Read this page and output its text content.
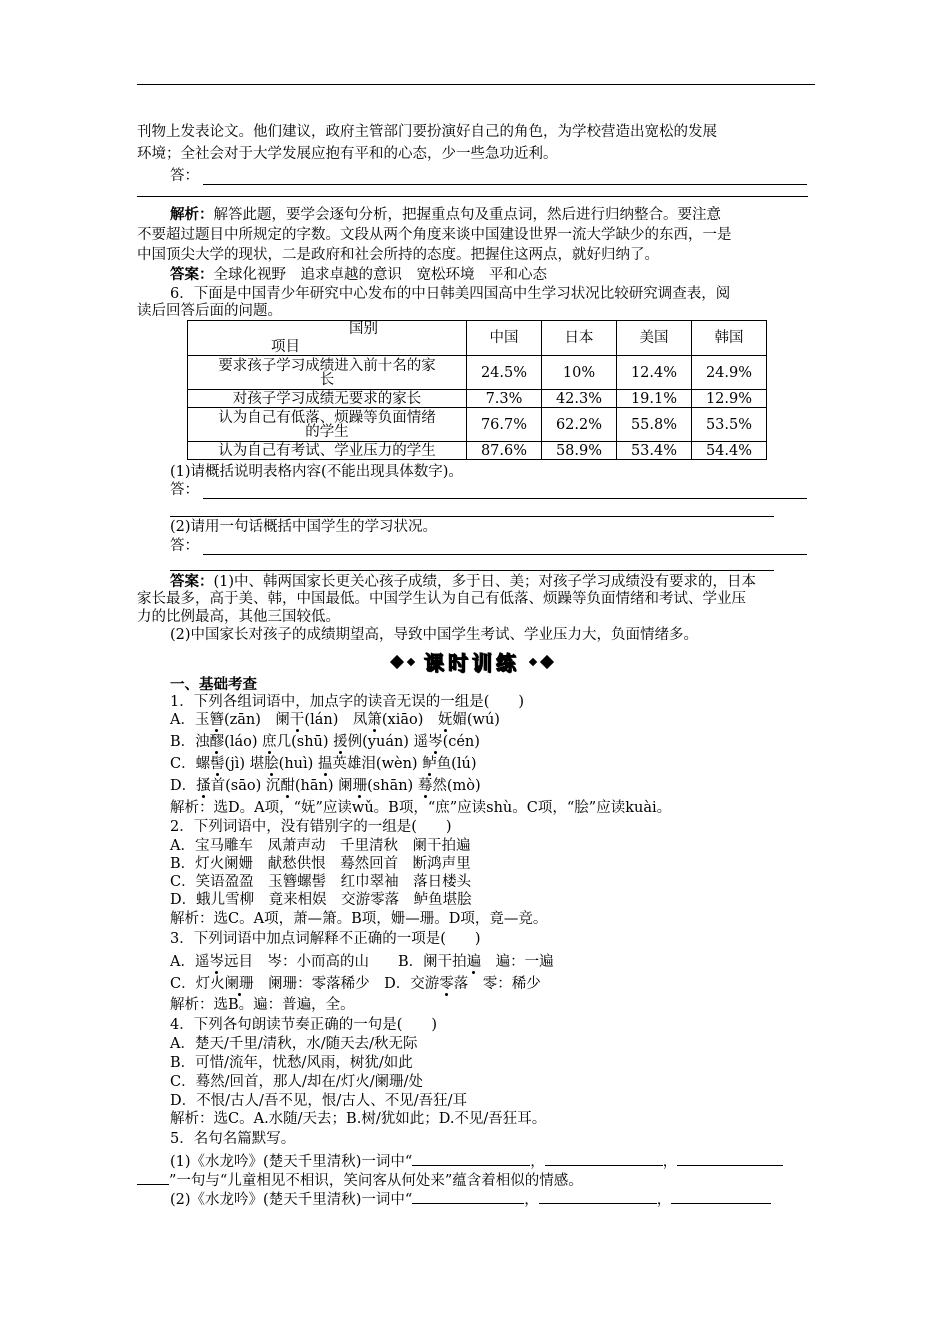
刊物上发表论文。他们建议，政府主管部门要扮演好自己的角色，为学校营造出宽松的发展
环境；全社会对于大学发展应抱有平和的心态，少一些急功近利。
答：
解析：解答此题，要学会逐句分析，把握重点句及重点词，然后进行归纳整合。要注意
不要超过题目中所规定的字数。文段从两个角度来谈中国建设世界一流大学缺少的东西，一是
中国顶尖大学的现状，二是政府和社会所持的态度。把握住这两点，就好归纳了。
答案：全球化视野　追求卓越的意识　宽松环境　平和心态
6．下面是中国青少年研究中心发布的中日韩美四国高中生学习状况比较研究调查表，阅
读后回答后面的问题。
国别
项目	中国	日本	美国	韩国

要求孩子学习成绩进入前十名的家
长	24.5%	10%	12.4%	24.9%
对孩子学习成绩无要求的家长	7.3%	42.3%	19.1%	12.9%

认为自己有低落、烦躁等负面情绪
的学生	76.7%	62.2%	55.8%	53.5%
认为自己有考试、学业压力的学生	87.6%	58.9%	53.4%	54.4%
(1)请概括说明表格内容(不能出现具体数字)。
答：
(2)请用一句话概括中国学生的学习状况。
答：
答案：(1)中、韩两国家长更关心孩子成绩，多于日、美；对孩子学习成绩没有要求的，日本
家长最多，高于美、韩，中国最低。中国学生认为自己有低落、烦躁等负面情绪和考试、学业压
力的比例最高，其他三国较低。
(2)中国家长对孩子的成绩期望高，导致中国学生考试、学业压力大，负面情绪多。
课时训练
一、基础考查
1．下列各组词语中，加点字的读音无误的一组是(　　)
A．玉簪(zān)　阑干(lán)　凤箫(xiāo)　妩媚(wú)
B．浊醪(láo) 庶几(shū) 援例(yuán) 遥岑(cén)
C．螺髻(jì) 堪脍(huì) 揾英雄泪(wèn) 鲈鱼(lú)
D．搔首(sāo) 沉酣(hān) 阑珊(shān) 蓦然(mò)
解析：选D。A项，“妩”应读wǔ。B项，“庶”应读shù。C项，“脍”应读kuài。
2．下列词语中，没有错别字的一组是(　　)
A．宝马雕车　凤萧声动　千里清秋　阑干拍遍
B．灯火阑姗　献愁供恨　蓦然回首　断鸿声里
C．笑语盈盈　玉簪螺髻　红巾翠袖　落日楼头
D．蛾儿雪柳　竟来相娱　交游零落　鲈鱼堪脍
解析：选C。A项，萧—箫。B项，姗—珊。D项，竟—竞。
3．下列词语中加点词解释不正确的一项是(　　)
A．遥岑远目　岑：小而高的山　　B．阑干拍遍　遍：一遍
C．灯火阑珊　阑珊：零落稀少　D．交游零落　零：稀少
解析：选B。遍：普遍，全。
4．下列各句朗读节奏正确的一句是(　　)
A．楚天/千里/清秋，水/随天去/秋无际
B．可惜/流年，忧愁/风雨，树犹/如此
C．蓦然/回首，那人/却在/灯火/阑珊/处
D．不恨/古人/吾不见，恨/古人、不见/吾狂/耳
解析：选C。A.水随/天去；B.树/犹如此；D.不见/吾狂耳。
5．名句名篇默写。
(1)《水龙吟》(楚天千里清秋)一词中“	，	，
”一句与“儿童相见不相识，笑问客从何处来”蕴含着相似的情感。
(2)《水龙吟》(楚天千里清秋)一词中“	，	，
